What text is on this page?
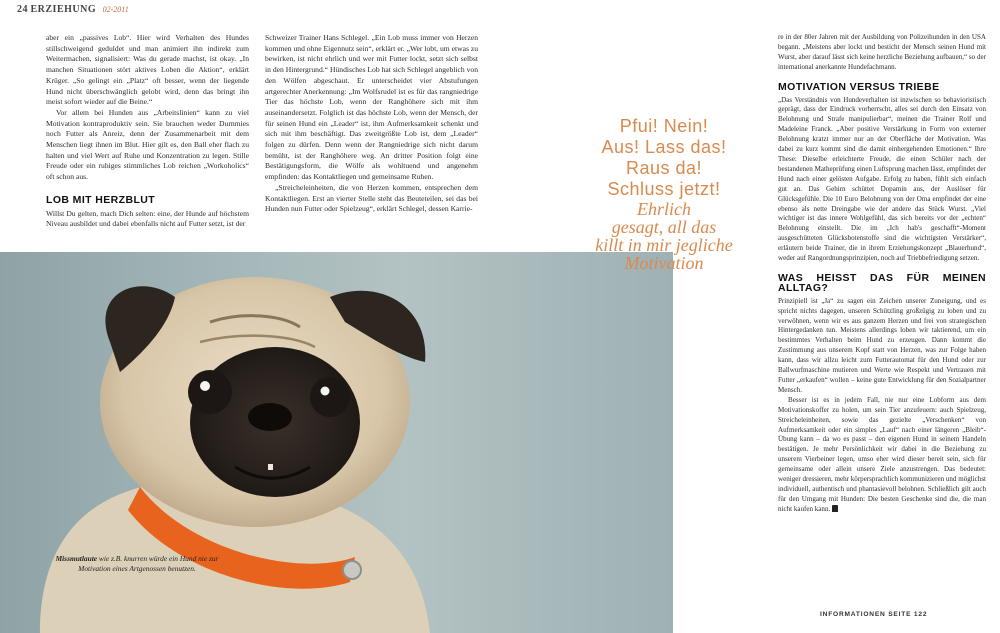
24 ERZIEHUNG 02-2011

aber ein „passives Lob“. Hier wird Verhalten des Hundes stillschweigend geduldet und man animiert ihn indirekt zum Weitermachen, signalisiert: Was du gerade machst, ist okay. „In manchen Situationen stört aktives Loben die Aktion“, erklärt Krüger. „So gelingt ein „Platz“ oft besser, wenn der liegende Hund nicht überschwänglich gelobt wird, denn das bringt ihn meist sofort wieder auf die Beine.“

Vor allem bei Hunden aus „Arbeitslinien“ kann zu viel Motivation kontraproduktiv sein. Sie brauchen weder Durnmies noch Futter als Anreiz, denn der Zusammenarbeit mit dem Menschen liegt ihnen im Blut. Hier gilt es, den Ball eher flach zu halten und viel Wert auf Ruhe und Konzentration zu legen. Stille Freude oder ein ruhiges stimmliches Lob reichen „Workoholics“ oft schon aus.

LOB MIT HERZBLUT

Willst Du gelten, mach Dich selten: eine, der Hunde auf höchstem Niveau ausbildet und dabei ebenfalls nicht auf Futter setzt, ist der

Schweizer Trainer Hans Schlegel. „Ein Lob muss immer von Herzen kommen und ohne Eigennutz sein“, erklärt er. „Wer lobt, um etwas zu bewirken, ist nicht ehrlich und wer mit Futter lockt, setzt sich selbst in den Hintergrund.“ Hündisches Lob hat sich Schlegel angeblich von den Wölfen abgeschaut. Er unterscheidet vier Abstufungen artgerechter Anerkennung: „Im Wolfsrudel ist es für das rangniedrige Tier das höchste Lob, wenn der Ranghöhere sich mit ihm auseinandersetzt. Folglich ist das höchste Lob, wenn der Mensch, der für seinen Hund ein „Leader“ ist, ihm Aufmerksamkeit schenkt und sich mit ihm beschäftigt. Das zweitgrößte Lob ist, dem „Leader“ folgen zu dürfen. Denn wenn der Rangniedrige sich nicht darum bemüht, ist der Ranghöhere weg. An dritter Position folgt eine Bestätigungsform, die Wölfe als wohltuend und angenehm empfinden: das Kontaktliegen und gemeinsame Ruhen.

„Streicheleinheiten, die von Herzen kommen, entsprechen dem Kontaktliegen. Erst an vierter Stelle steht das Beuteteilen, sei das bei Hunden nun Futter oder Spielzeug“, erklärt Schlegel, dessen Karrie-

Missmutlaute wie z.B. knurren würde ein Hund nie zur Motivation eines Artgenossen benutzen.
Pfui! Nein!
Aus! Lass das!
Raus da!
Schluss jetzt!
Ehrlich
gesagt, all das
killt in mir jegliche
Motivation

re in der 80er Jahren mit der Ausbildung von Polizeihunden in den USA begann. „Meistens aber lockt und besticht der Mensch seinen Hund mit Wurst, aber darauf lässt sich keine herzliche Beziehung aufbauen,“ so der international anerkannte Hundefachmann.

MOTIVATION VERSUS TRIEBE

„Das Verständnis von Hundeverhalten ist inzwischen so behavioristisch geprägt, dass der Eindruck vorherrscht, alles sei durch den Einsatz von Belohnung und Strafe manipulierbar“, meinen die Trainer Rolf und Madeleine Franck. „Aber positive Verstärkung in Form von externer Belohnung kratzt immer nur an der Oberfläche der Motivation. Was dabei zu kurz kommt sind die damit einhergehenden Emotionen.“ Ihre These: Dieselbe erleichterte Freude, die einen Schüler nach der bestandenen Matheprüfung einen Luftsprung machen lässt, empfindet der Hund nach einer gelösten Aufgabe. Erfolg zu haben, fühlt sich einfach gut an. Das Gehirn schüttet Dopamin aus, der Auslöser für Glücksgefühle. Die 10 Euro Belohnung von der Oma empfindet der eine ebenso als nette Dreingabe wie der andere das Stück Wurst. „Viel wichtiger ist das innere Wohlgefühl, das sich bereits vor der „echten“ Belohnung einstellt. Die im „Ich hab's geschafft“-Moment ausgeschütteten Glücksbotenstoffe sind die wichtigsten Verstärker“, erläutern beide Trainer, die in ihrem Erziehungskonzept „Blauerhund“, weder auf Rangordnungsprinzipien, noch auf Triebbefriedigung setzen.

WAS HEISST DAS FÜR MEINEN ALLTAG?

Prinzipiell ist „Ja“ zu sagen ein Zeichen unserer Zuneigung, und es spricht nichts dagegen, unseren Schützling großzügig zu loben und zu verwöhnen, wenn wir es aus ganzem Herzen und frei von strategischen Hintergedanken tun. Meistens allerdings loben wir taktierend, um ein bestimmtes Verhalten beim Hund zu erzeugen. Dann kommt die Zustimmung aus unserem Kopf statt von Herzen, was zur Folge haben kann, dass wir allzu leicht zum Futterautomat für den Hund oder zur Ballwurfmaschine mutieren und Werte wie Respekt und Vertrauen mit Futter „erkaufen“ wollen – keine gute Entwicklung für den Sozialpartner Mensch.

Besser ist es in jedem Fall, nie nur eine Lobform aus dem Motivationskoffer zu holen, um sein Tier anzufeuern: auch Spielzeug, Streicheleinheiten, sowie das gezielte „Verschenken“ von Aufmerksamkeit oder ein simples „Lauf“ nach einer längeren „Bleib“-Übung kann – da wo es passt – den eigenen Hund in seinem Handeln bestätigen. Je mehr Persönlichkeit wir dabei in die Beziehung zu unserem Vierbeiner legen, umso eher wird dieser bereit sein, sich für gemeinsame oder allein unsere Ziele anzustrengen. Das bedeutet: weniger dressieren, mehr körpersprachlich kommunizieren und möglichst individuell, authentisch und phantasievoll belohnen. Schließlich gilt auch für den Umgang mit Hunden: Die besten Geschenke sind die, die man nicht kaufen kann.

INFORMATIONEN SEITE 122
